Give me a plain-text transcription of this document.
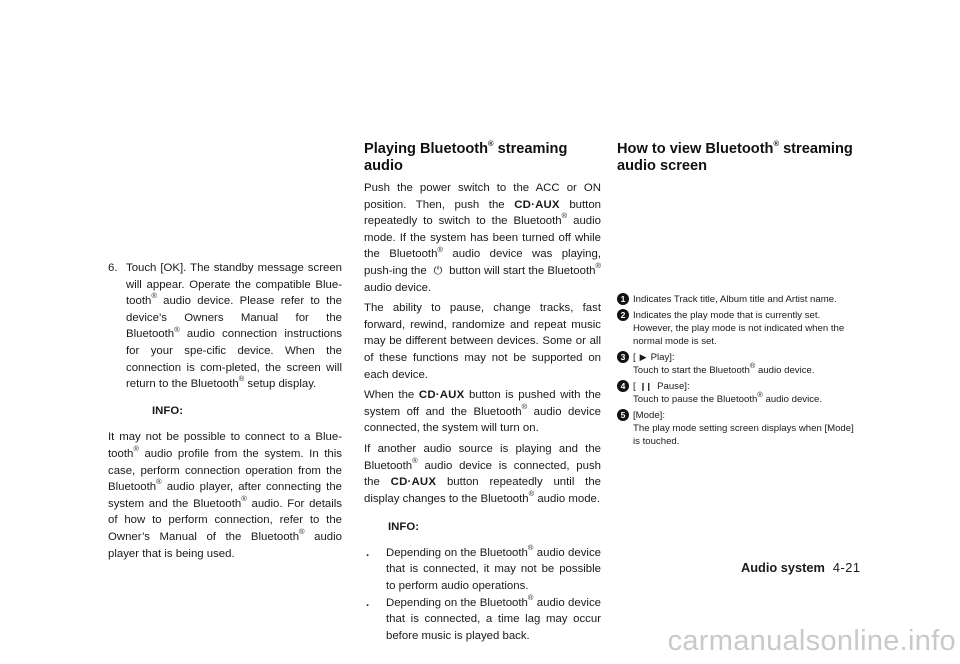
6. Touch [OK]. The standby message screen will appear. Operate the compatible Blue-tooth® audio device. Please refer to the device’s Owners Manual for the Bluetooth® audio connection instructions for your spe-cific device. When the connection is com-pleted, the screen will return to the Bluetooth® setup display.

INFO:

It may not be possible to connect to a Blue-tooth® audio profile from the system. In this case, perform connection operation from the Bluetooth® audio player, after connecting the system and the Bluetooth® audio. For details of how to perform connection, refer to the Owner’s Manual of the Bluetooth® audio player that is being used.

Playing Bluetooth® streaming audio

Push the power switch to the ACC or ON position. Then, push the CD·AUX button repeatedly to switch to the Bluetooth® audio mode. If the system has been turned off while the Bluetooth® audio device was playing, push-ing the ⏻ button will start the Bluetooth® audio device.

The ability to pause, change tracks, fast forward, rewind, randomize and repeat music may be different between devices. Some or all of these functions may not be supported on each device.

When the CD·AUX button is pushed with the system off and the Bluetooth® audio device connected, the system will turn on.

If another audio source is playing and the Bluetooth® audio device is connected, push the CD·AUX button repeatedly until the display changes to the Bluetooth® audio mode.

INFO:

.	Depending on the Bluetooth® audio device that is connected, it may not be possible to perform audio operations.
.	Depending on the Bluetooth® audio device that is connected, a time lag may occur before music is played back.
How to view Bluetooth® streaming audio screen
1 Indicates Track title, Album title and Artist name.
2 Indicates the play mode that is currently set. However, the play mode is not indicated when the normal mode is set.
3 [ ▶ Play]:
Touch to start the Bluetooth® audio device.
4 [ ❙❙ Pause]:
Touch to pause the Bluetooth® audio device.
5 [Mode]:
The play mode setting screen displays when [Mode] is touched.
Audio system 4-21
carmanualsonline.info
